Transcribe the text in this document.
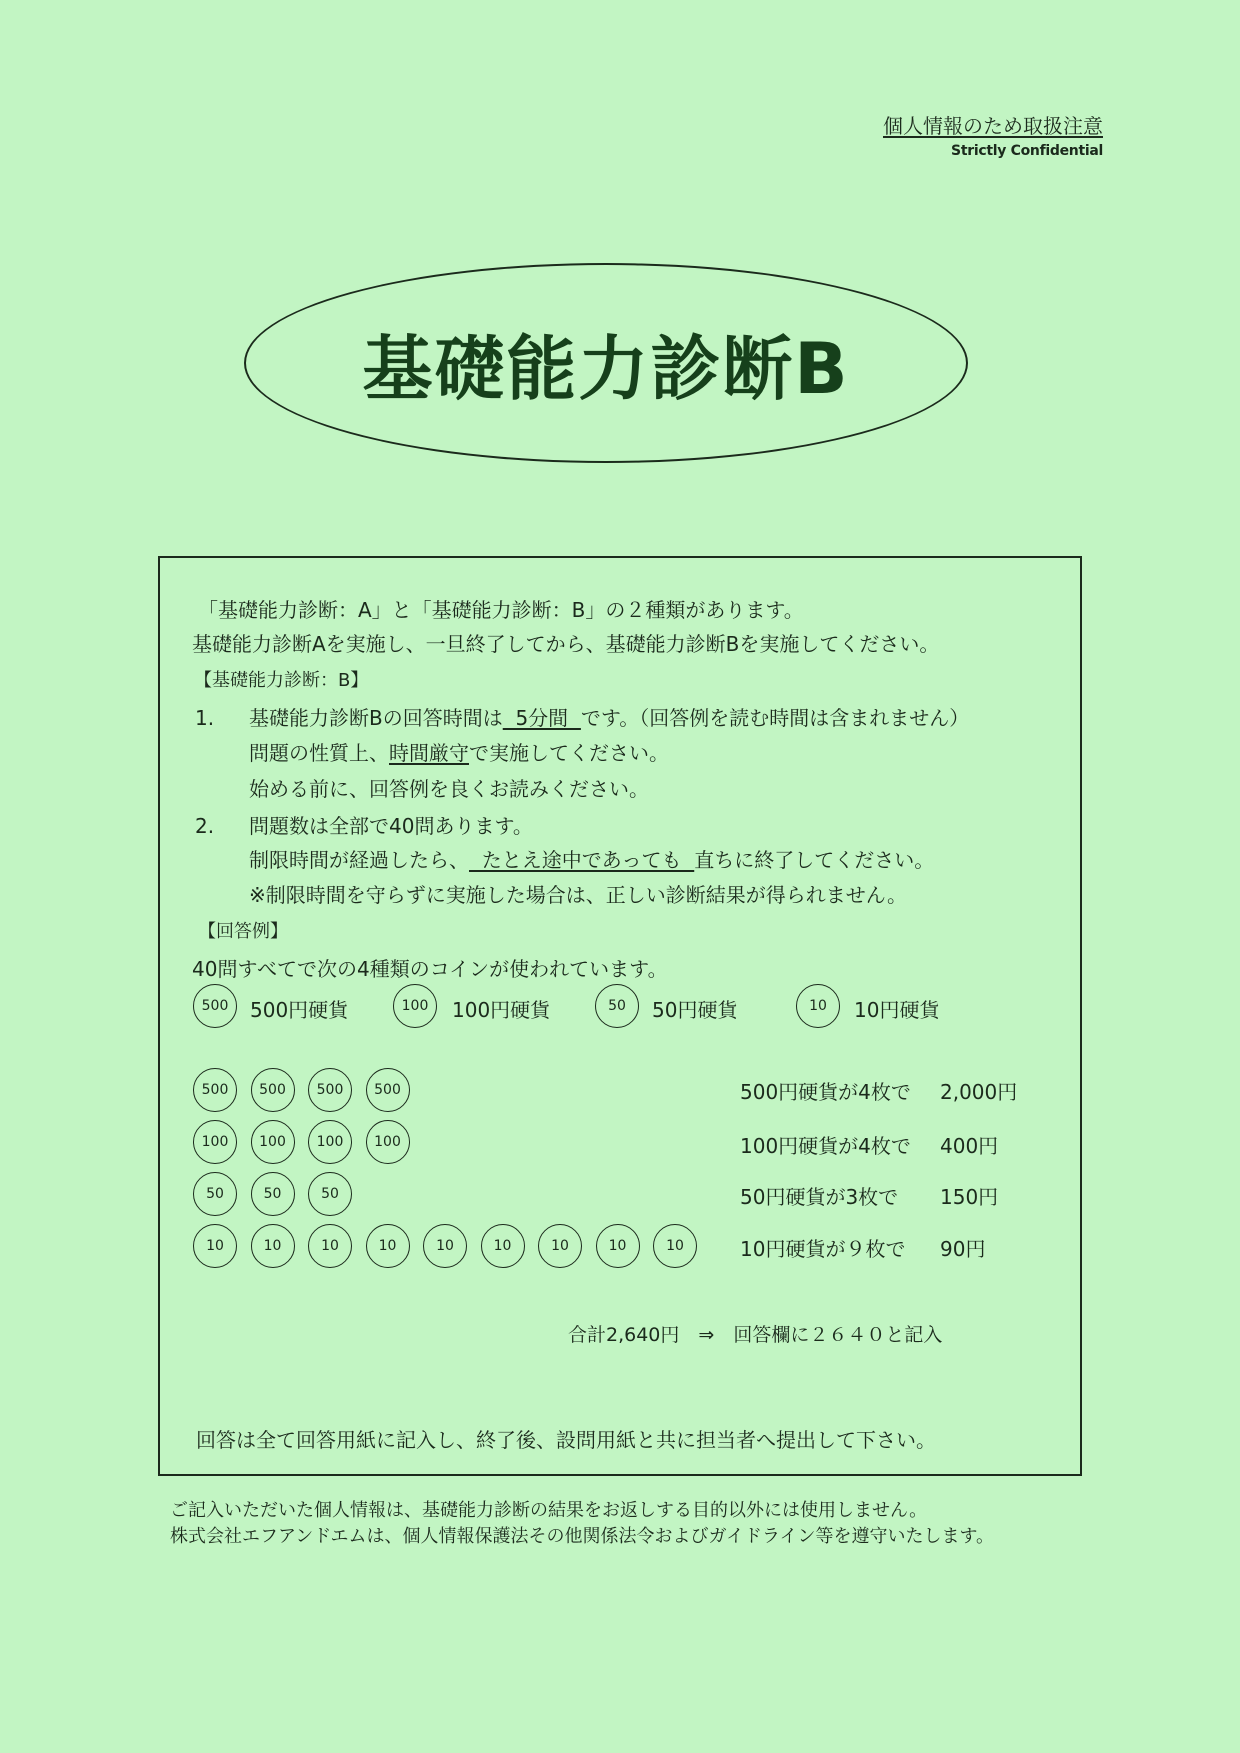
個人情報のため取扱注意
Strictly Confidential
基礎能力診断B
「基礎能力診断：A」と「基礎能力診断：B」の２種類があります。
基礎能力診断Aを実施し、一旦終了してから、基礎能力診断Bを実施してください。
【基礎能力診断：B】
1. 基礎能力診断Bの回答時間は  5分間  です。（回答例を読む時間は含まれません）
問題の性質上、時間厳守で実施してください。
始める前に、回答例を良くお読みください。
2. 問題数は全部で40問あります。
制限時間が経過したら、  たとえ途中であっても  直ちに終了してください。
※制限時間を守らずに実施した場合は、正しい診断結果が得られません。
【回答例】
40問すべてで次の4種類のコインが使われています。
500	500円硬貨	100	100円硬貨	50	50円硬貨	10	10円硬貨
500	500	500	500
100	100	100	100
50	50	50
10	10	10	10	10	10	10	10	10
500円硬貨が4枚で 2,000円
100円硬貨が4枚で 400円
50円硬貨が3枚で 150円
10円硬貨が９枚で 90円
合計2,640円　⇒　回答欄に２６４０と記入
回答は全て回答用紙に記入し、終了後、設問用紙と共に担当者へ提出して下さい。
ご記入いただいた個人情報は、基礎能力診断の結果をお返しする目的以外には使用しません。
株式会社エフアンドエムは、個人情報保護法その他関係法令およびガイドライン等を遵守いたします。
